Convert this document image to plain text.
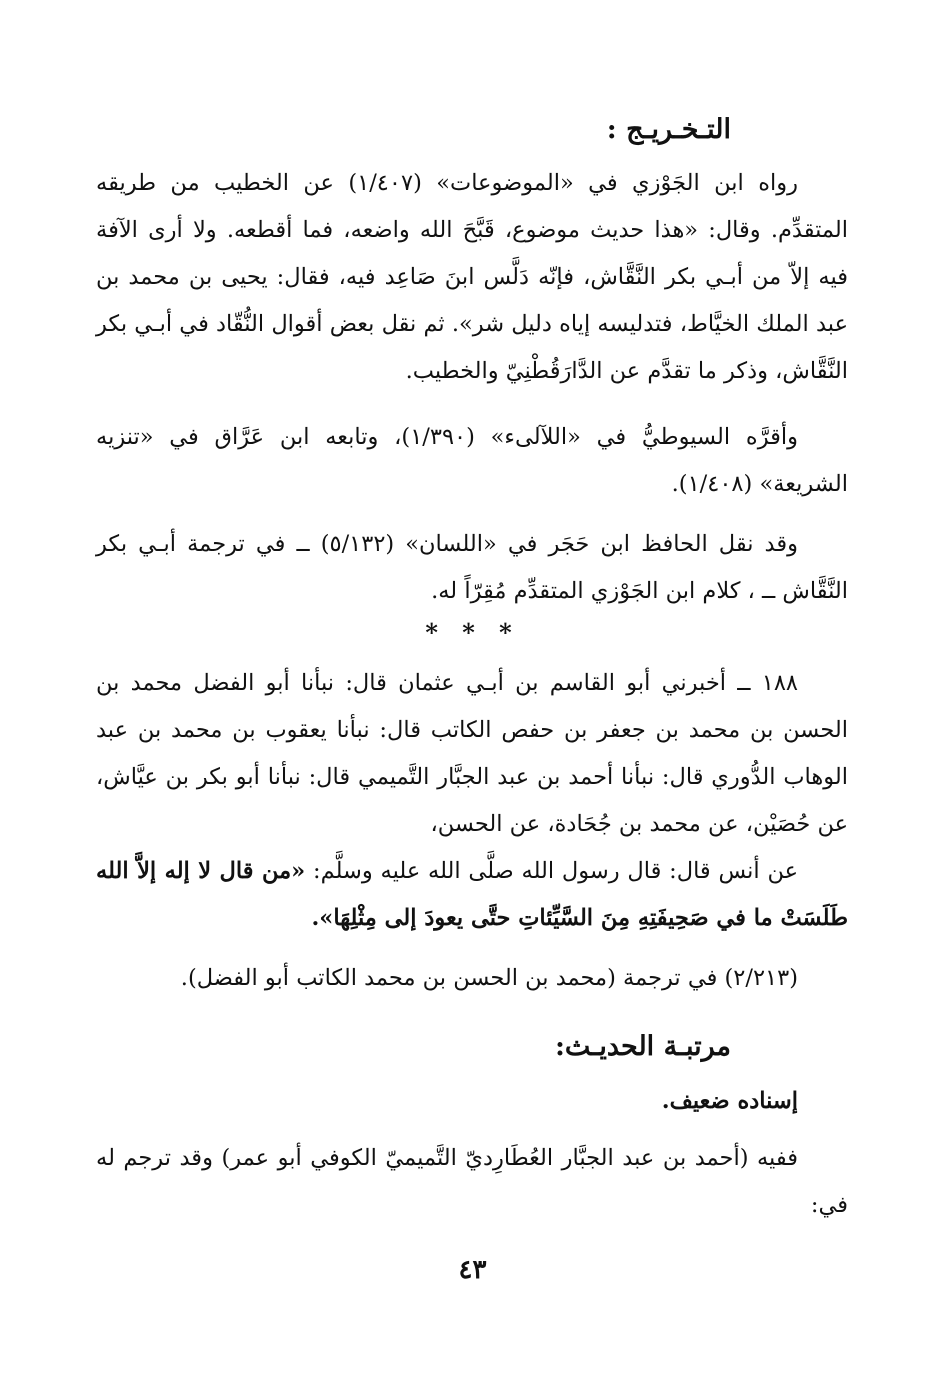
التـخـريـج :

رواه ابن الجَوْزي في «الموضوعات» (١/٤٠٧) عن الخطيب من طريقه المتقدِّم. وقال: «هذا حديث موضوع، قَبَّحَ الله واضعه، فما أقطعه. ولا أرى الآفة فيه إلاّ من أبـي بكر النَّقَّاش، فإنّه دَلَّس ابنَ صَاعِد فيه، فقال: يحيى بن محمد بن عبد الملك الخيَّاط، فتدليسه إياه دليل شر». ثم نقل بعض أقوال النُّقّاد في أبـي بكر النَّقَّاش، وذكر ما تقدَّم عن الدَّارَقُطْنِيّ والخطيب.

وأقرَّه السيوطيُّ في «اللآلىء» (١/٣٩٠)، وتابعه ابن عَرَّاق في «تنزيه الشريعة» (١/٤٠٨).

وقد نقل الحافظ ابن حَجَر في «اللسان» (٥/١٣٢) ــ في ترجمة أبـي بكر النَّقَّاش ــ ، كلام ابن الجَوْزي المتقدِّم مُقِرّاً له.

* * *

١٨٨ ــ أخبرني أبو القاسم بن أبـي عثمان قال: نبأنا أبو الفضل محمد بن الحسن بن محمد بن جعفر بن حفص الكاتب قال: نبأنا يعقوب بن محمد بن عبد الوهاب الدُّوري قال: نبأنا أحمد بن عبد الجبَّار التَّميمي قال: نبأنا أبو بكر بن عيَّاش، عن حُصَيْن، عن محمد بن جُحَادة، عن الحسن،

عن أنس قال: قال رسول الله صلَّى الله عليه وسلَّم: «من قال لا إله إلاَّ الله طَلَسَتْ ما في صَحِيفَتِهِ مِنَ السَّيِّئاتِ حتَّى يعودَ إلى مِثْلِهَا».

(٢/٢١٣) في ترجمة (محمد بن الحسن بن محمد الكاتب أبو الفضل).

مرتبـة الحديـث:

إسناده ضعيف.

ففيه (أحمد بن عبد الجبَّار العُطَارِديّ التَّميميّ الكوفي أبو عمر) وقد ترجم له في:

٤٣
